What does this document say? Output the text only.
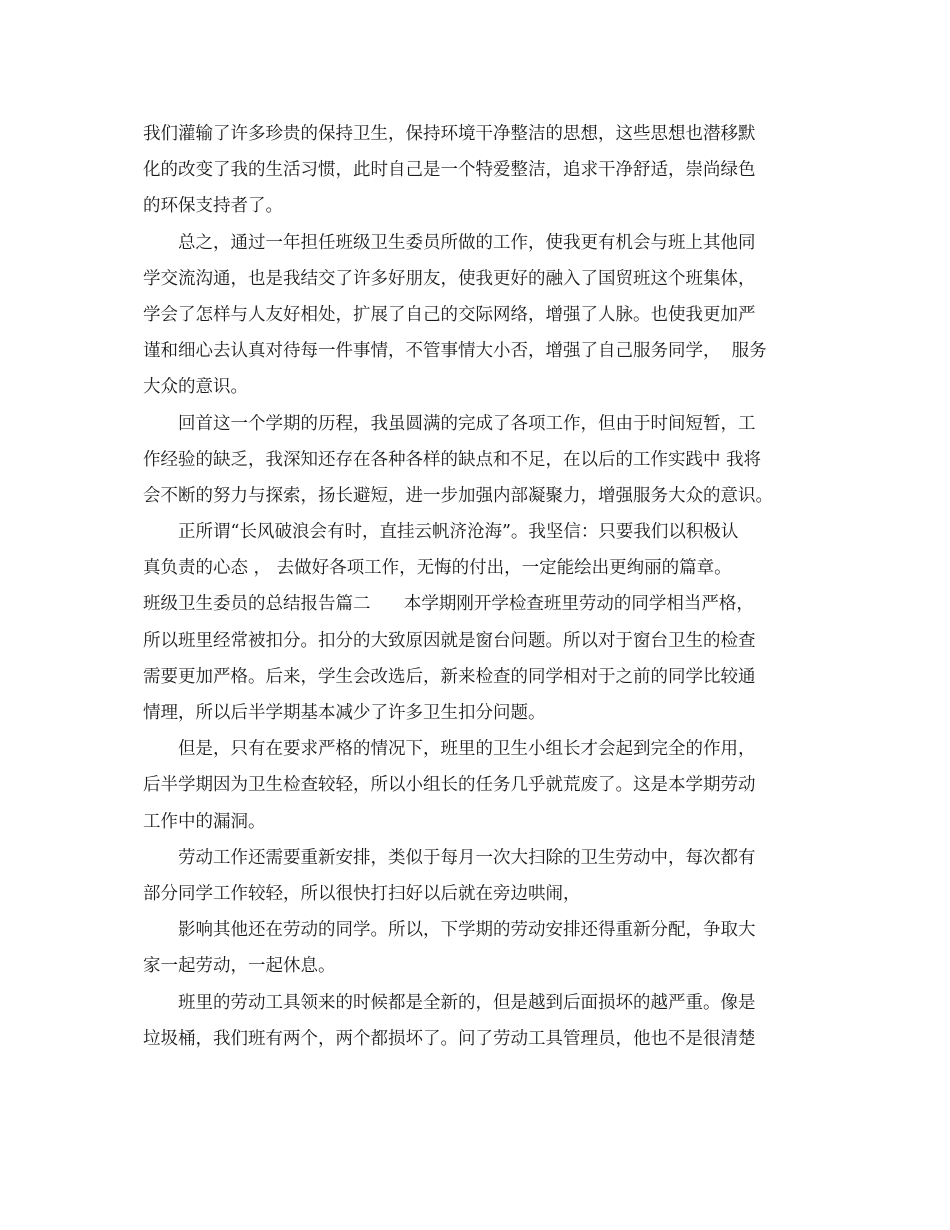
我们灌输了许多珍贵的保持卫生，保持环境干净整洁的思想，这些思想也潜移默
化的改变了我的生活习惯，此时自己是一个特爱整洁，追求干净舒适，崇尚绿色
的环保支持者了。
总之，通过一年担任班级卫生委员所做的工作，使我更有机会与班上其他同
学交流沟通，也是我结交了许多好朋友，使我更好的融入了国贸班这个班集体，
学会了怎样与人友好相处，扩展了自己的交际网络，增强了人脉。也使我更加严
谨和细心去认真对待每一件事情，不管事情大小否，增强了自己服务同学，  服务
大众的意识。
回首这一个学期的历程，我虽圆满的完成了各项工作，但由于时间短暂，工
作经验的缺乏，我深知还存在各种各样的缺点和不足，在以后的工作实践中 我将
会不断的努力与探索，扬长避短，进一步加强内部凝聚力，增强服务大众的意识。
正所谓“长风破浪会有时，直挂云帆济沧海”。我坚信：只要我们以积极认
真负责的心态 ， 去做好各项工作，无悔的付出，一定能绘出更绚丽的篇章。
班级卫生委员的总结报告篇二      本学期刚开学检查班里劳动的同学相当严格，
所以班里经常被扣分。扣分的大致原因就是窗台问题。所以对于窗台卫生的检查
需要更加严格。后来，学生会改选后，新来检查的同学相对于之前的同学比较通
情理，所以后半学期基本减少了许多卫生扣分问题。
但是，只有在要求严格的情况下，班里的卫生小组长才会起到完全的作用，
后半学期因为卫生检查较轻，所以小组长的任务几乎就荒废了。这是本学期劳动
工作中的漏洞。
劳动工作还需要重新安排，类似于每月一次大扫除的卫生劳动中，每次都有
部分同学工作较轻，所以很快打扫好以后就在旁边哄闹，
影响其他还在劳动的同学。所以，下学期的劳动安排还得重新分配，争取大
家一起劳动，一起休息。
班里的劳动工具领来的时候都是全新的，但是越到后面损坏的越严重。像是
垃圾桶，我们班有两个，两个都损坏了。问了劳动工具管理员，他也不是很清楚
